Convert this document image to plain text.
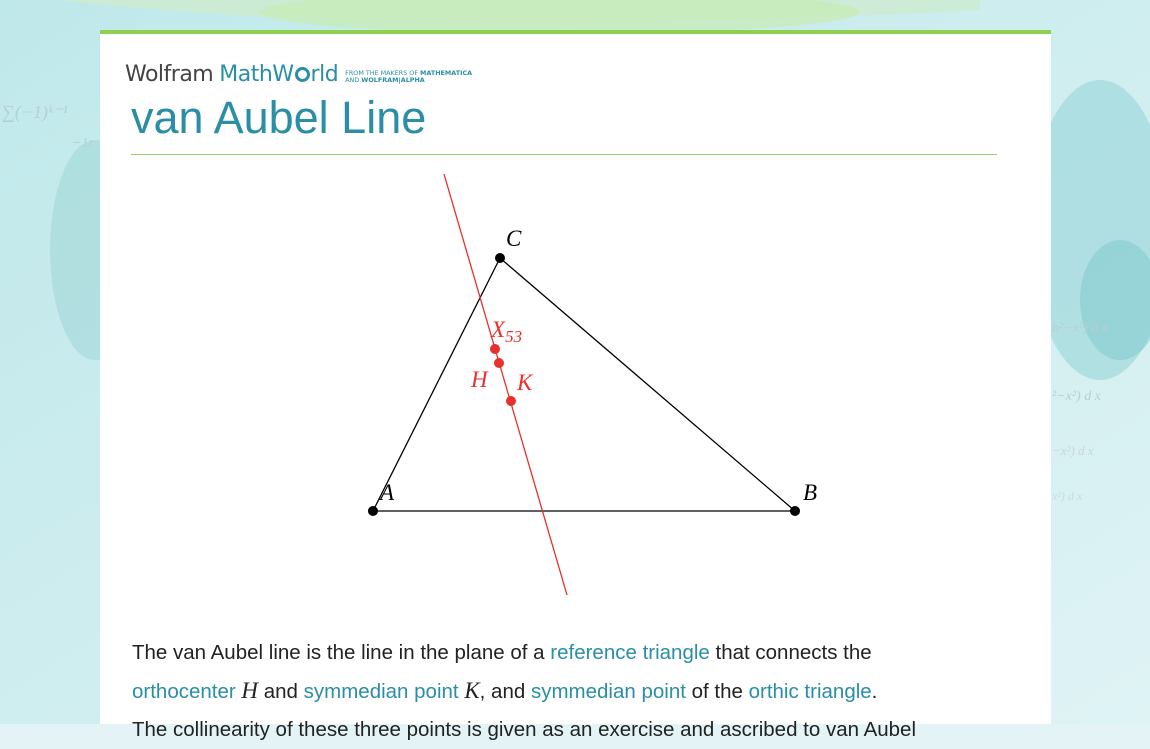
∑(−1)ᵏ⁻¹
−1r
b²−x²) d x
²−x²) d x
−x²) d x
x²) d x
Wolfram MathW rld FROM THE MAKERS OF MATHEMATICA
AND WOLFRAM|ALPHA
van Aubel Line
A	B
C
$X_{53}$
H K

The van Aubel line is the line in the plane of a reference triangle that connects the
orthocenter H and symmedian point K, and symmedian point of the orthic triangle.
The collinearity of these three points is given as an exercise and ascribed to van Aubel
